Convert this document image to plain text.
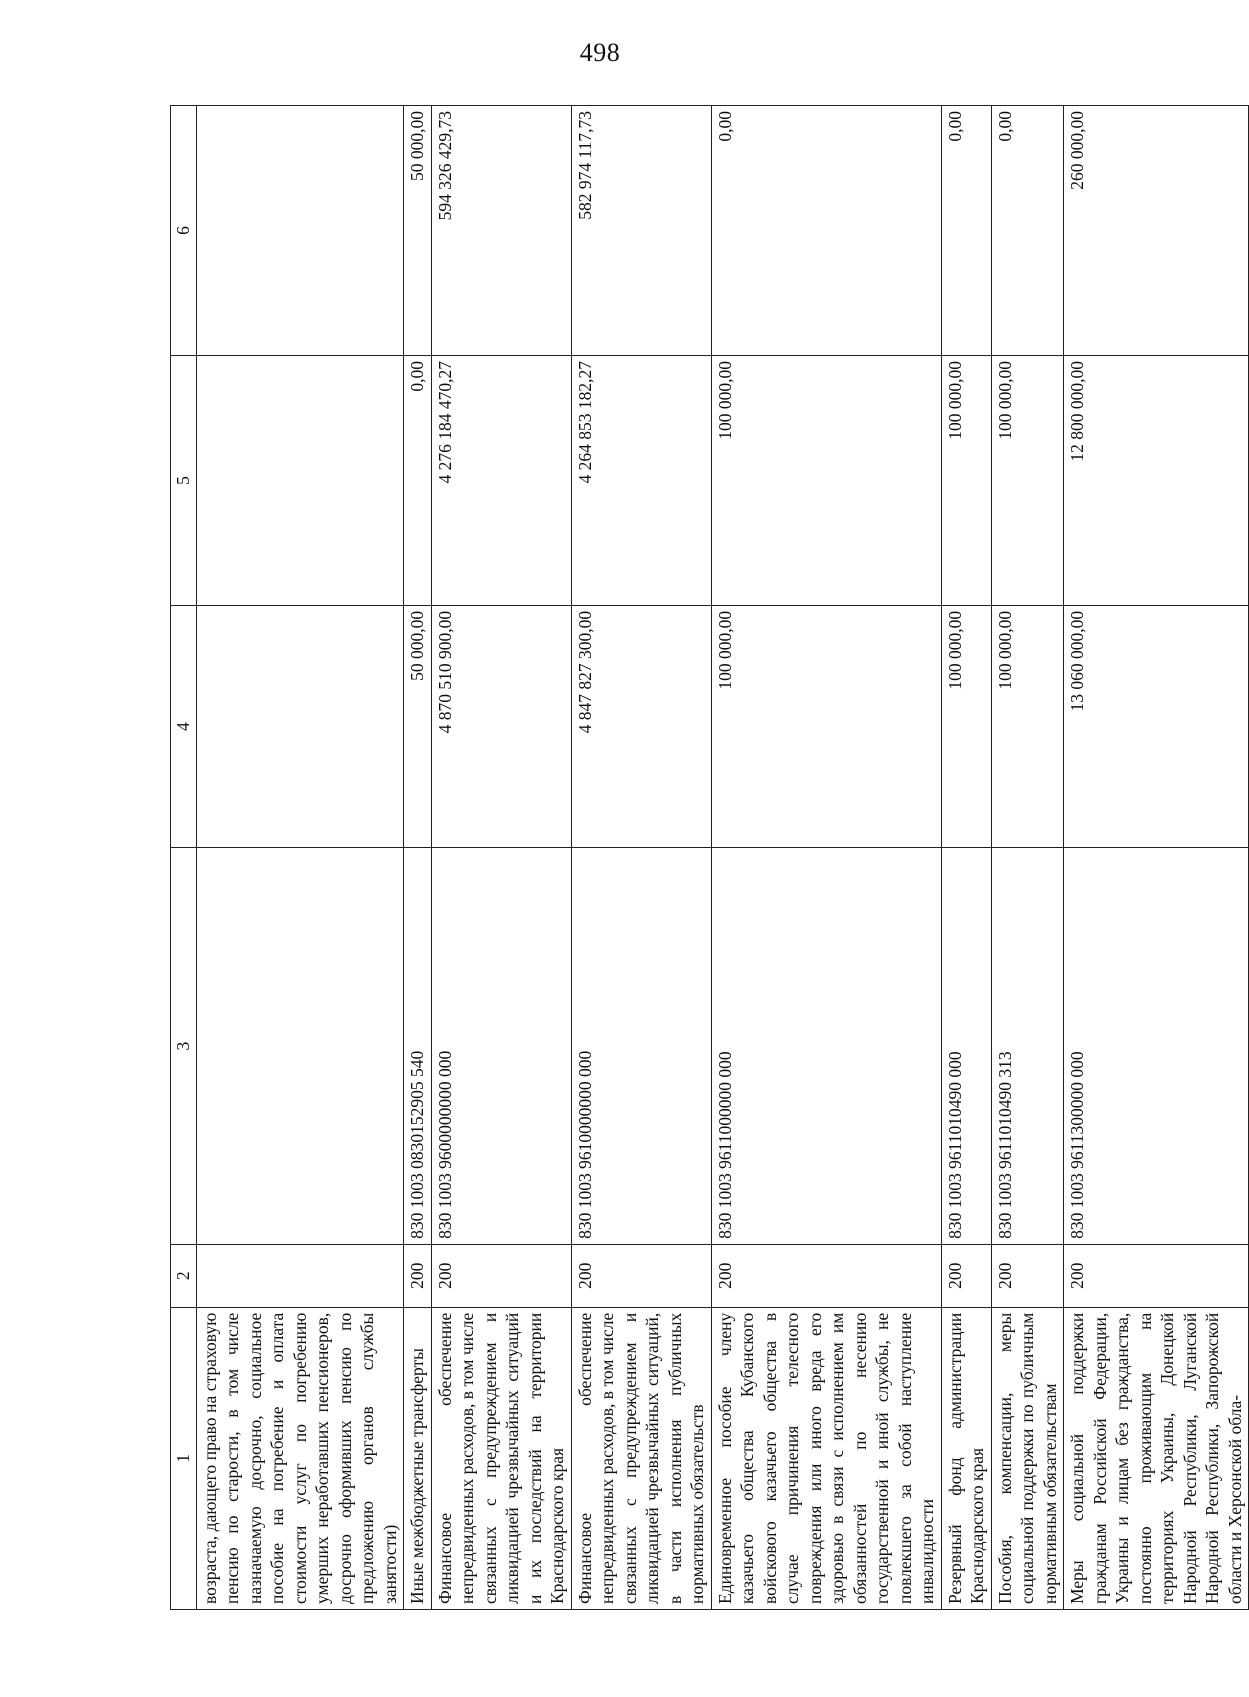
498
1	2	3	4	5	6
возраста, дающего право на страховую пенсию по старости, в том числе назначаемую досрочно, социальное пособие на погребение и оплата стоимости услуг по погребению умерших неработавших пенсионеров, досрочно оформивших пенсию по предложению органов службы занятости)					
Иные межбюджетные трансферты	200	830 1003 0830152905 540	50 000,00	0,00	50 000,00
Финансовое обеспечение непредвиденных расходов, в том числе связанных с предупреждением и ликвидацией чрезвычайных ситуаций и их последствий на территории Краснодарского края	200	830 1003 9600000000 000	4 870 510 900,00	4 276 184 470,27	594 326 429,73
Финансовое обеспечение непредвиденных расходов, в том числе связанных с предупреждением и ликвидацией чрезвычайных ситуаций, в части исполнения публичных нормативных обязательств	200	830 1003 9610000000 000	4 847 827 300,00	4 264 853 182,27	582 974 117,73
Единовременное пособие члену казачьего общества Кубанского войскового казачьего общества в случае причинения телесного повреждения или иного вреда его здоровью в связи с исполнением им обязанностей по несению государственной и иной службы, не повлекшего за собой наступление инвалидности	200	830 1003 9611000000 000	100 000,00	100 000,00	0,00
Резервный фонд администрации Краснодарского края	200	830 1003 9611010490 000	100 000,00	100 000,00	0,00
Пособия, компенсации, меры социальной поддержки по публичным нормативным обязательствам	200	830 1003 9611010490 313	100 000,00	100 000,00	0,00
Меры социальной поддержки гражданам Российской Федерации, Украины и лицам без гражданства, постоянно проживающим на территориях Украины, Донецкой Народной Республики, Луганской Народной Республики, Запорожской области и Херсонской обла-	200	830 1003 9611300000 000	13 060 000,00	12 800 000,00	260 000,00
